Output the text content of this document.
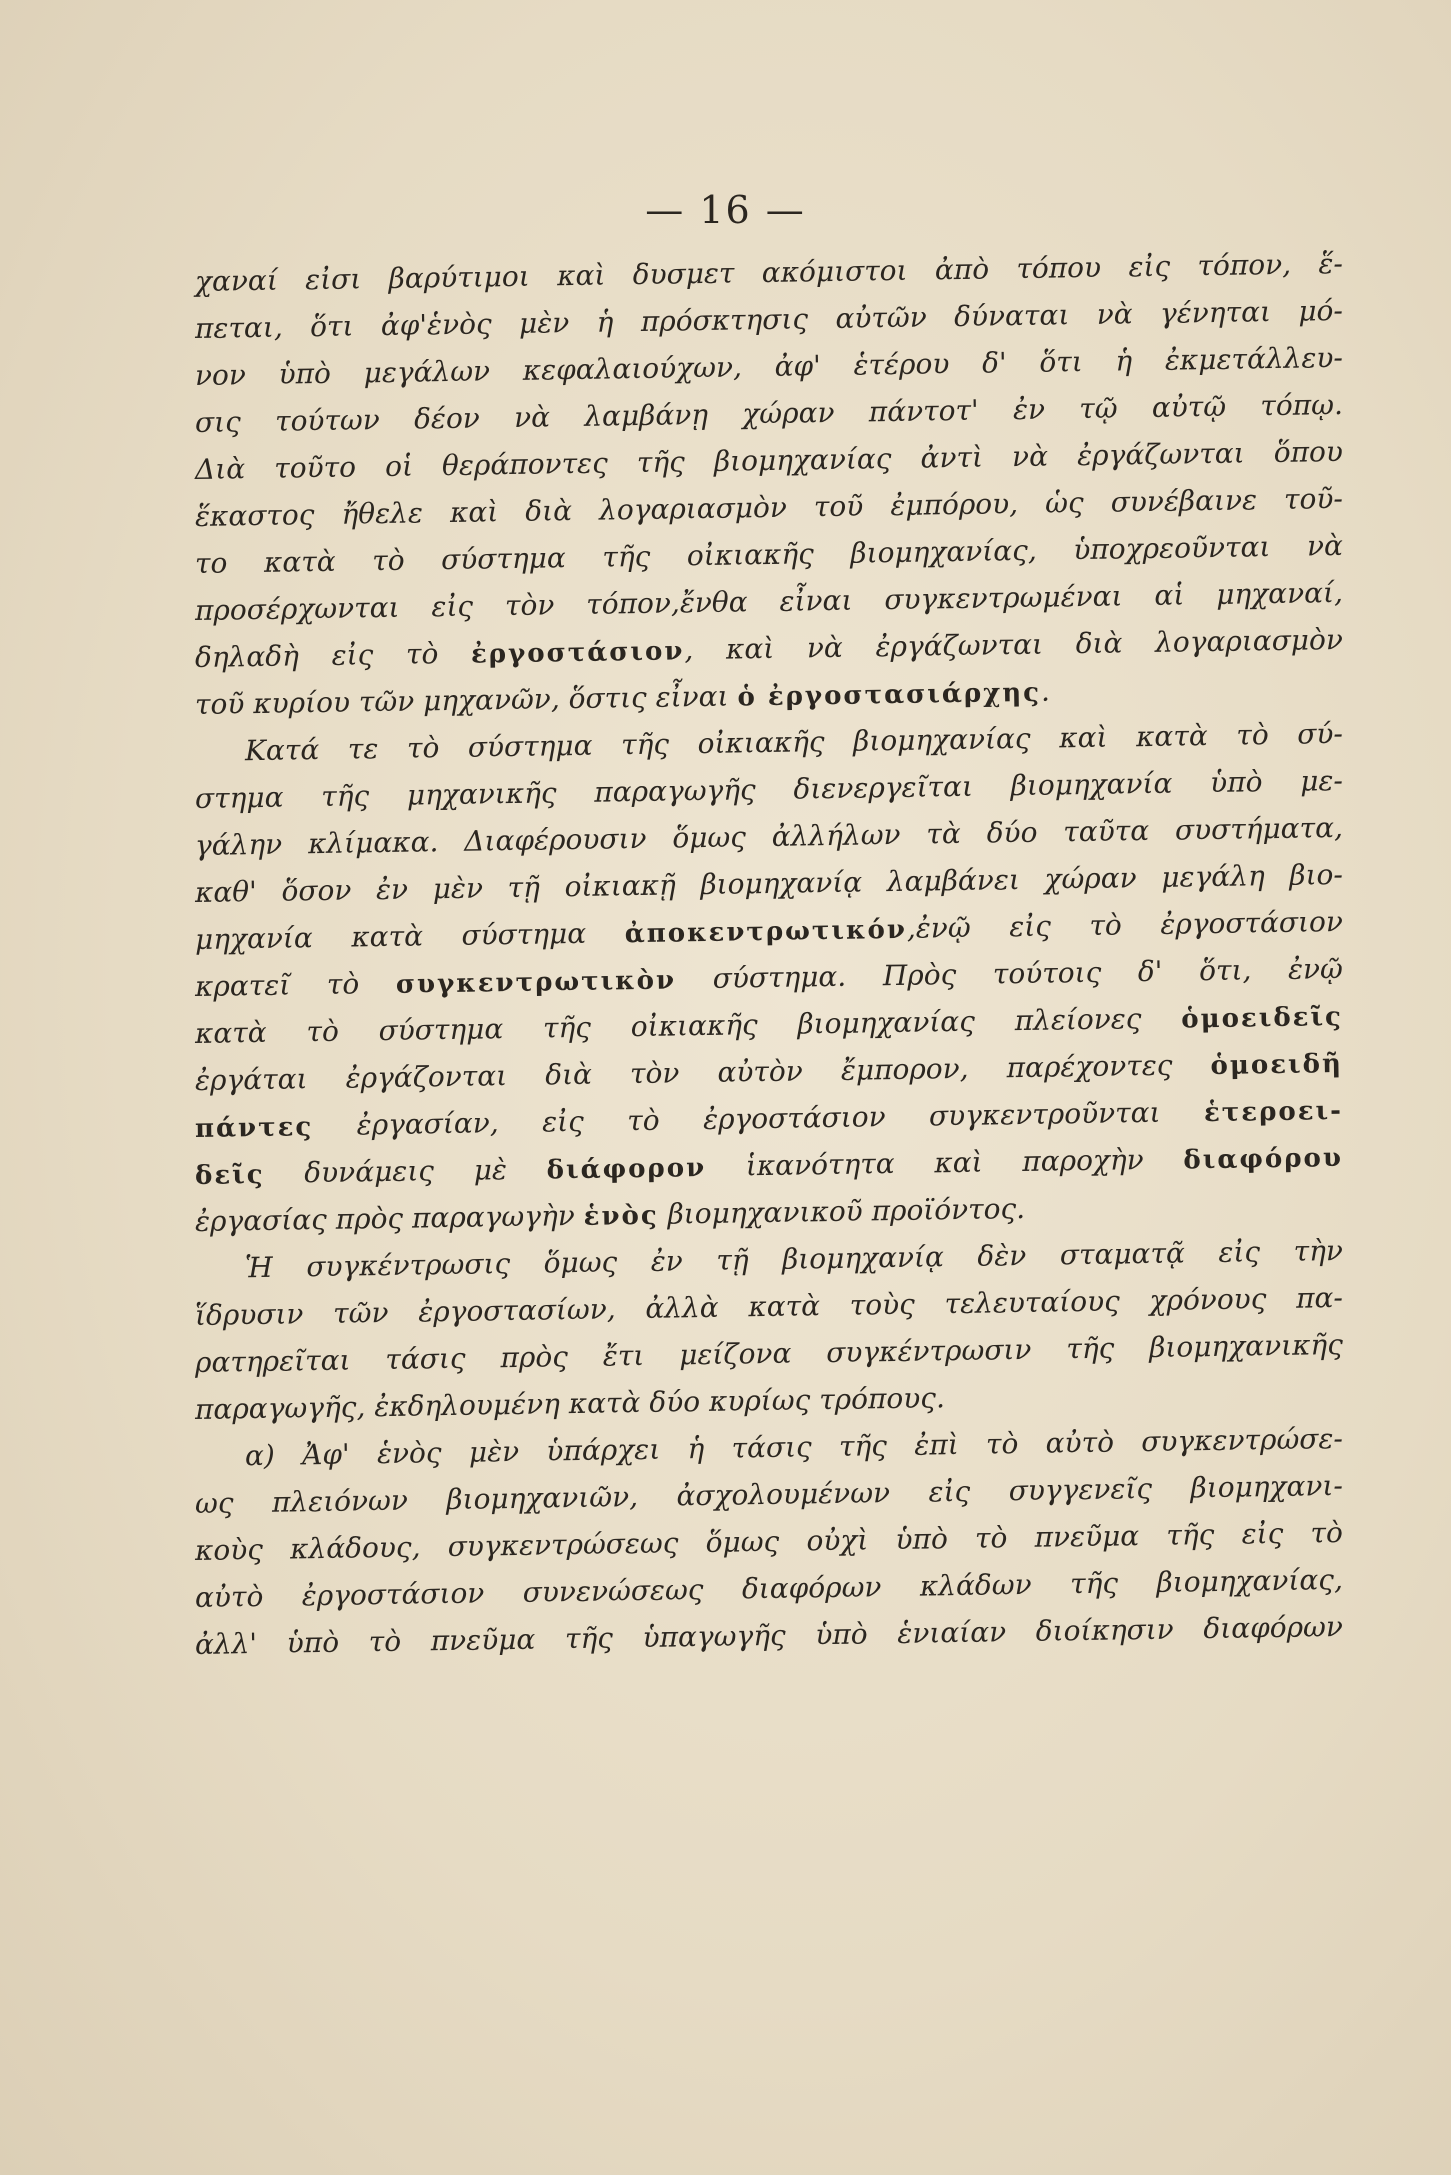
— 16 —
χαναί εἰσι βαρύτιμοι καὶ δυσμετ ακόμιστοι ἀπὸ τόπου εἰς τόπον, ἕ-
πεται, ὅτι ἀφ'ἑνὸς μὲν ἡ πρόσκτησις αὐτῶν δύναται νὰ γένηται μό-
νον ὑπὸ μεγάλων κεφαλαιούχων, ἀφ' ἑτέρου δ' ὅτι ἡ ἐκμετάλλευ-
σις τούτων δέον νὰ λαμβάνῃ χώραν πάντοτ' ἐν τῷ αὐτῷ τόπῳ.
Διὰ τοῦτο οἱ θεράποντες τῆς βιομηχανίας ἀντὶ νὰ ἐργάζωνται ὅπου
ἕκαστος ἤθελε καὶ διὰ λογαριασμὸν τοῦ ἐμπόρου, ὡς συνέβαινε τοῦ-
το κατὰ τὸ σύστημα τῆς οἰκιακῆς βιομηχανίας, ὑποχρεοῦνται νὰ
προσέρχωνται εἰς τὸν τόπον,ἔνθα εἶναι συγκεντρωμέναι αἱ μηχαναί,
δηλαδὴ εἰς τὸ ἐργοστάσιον, καὶ νὰ ἐργάζωνται διὰ λογαριασμὸν
τοῦ κυρίου τῶν μηχανῶν, ὅστις εἶναι ὁ ἐργοστασιάρχης.
Κατά τε τὸ σύστημα τῆς οἰκιακῆς βιομηχανίας καὶ κατὰ τὸ σύ-
στημα τῆς μηχανικῆς παραγωγῆς διενεργεῖται βιομηχανία ὑπὸ με-
γάλην κλίμακα. Διαφέρουσιν ὅμως ἀλλήλων τὰ δύο ταῦτα συστήματα,
καθ' ὅσον ἐν μὲν τῇ οἰκιακῇ βιομηχανίᾳ λαμβάνει χώραν μεγάλη βιο-
μηχανία κατὰ σύστημα ἀποκεντρωτικόν,ἐνῷ εἰς τὸ ἐργοστάσιον
κρατεῖ τὸ συγκεντρωτικὸν σύστημα. Πρὸς τούτοις δ' ὅτι, ἐνῷ
κατὰ τὸ σύστημα τῆς οἰκιακῆς βιομηχανίας πλείονες ὁμοειδεῖς
ἐργάται ἐργάζονται διὰ τὸν αὐτὸν ἔμπορον, παρέχοντες ὁμοειδῆ
πάντες ἐργασίαν, εἰς τὸ ἐργοστάσιον συγκεντροῦνται ἑτεροει-
δεῖς δυνάμεις μὲ διάφορον ἱκανότητα καὶ παροχὴν διαφόρου
ἐργασίας πρὸς παραγωγὴν ἑνὸς βιομηχανικοῦ προϊόντος.
Ἡ συγκέντρωσις ὅμως ἐν τῇ βιομηχανίᾳ δὲν σταματᾷ εἰς τὴν
ἵδρυσιν τῶν ἐργοστασίων, ἀλλὰ κατὰ τοὺς τελευταίους χρόνους πα-
ρατηρεῖται τάσις πρὸς ἔτι μείζονα συγκέντρωσιν τῆς βιομηχανικῆς
παραγωγῆς, ἐκδηλουμένη κατὰ δύο κυρίως τρόπους.
α) Ἀφ' ἑνὸς μὲν ὑπάρχει ἡ τάσις τῆς ἐπὶ τὸ αὐτὸ συγκεντρώσε-
ως πλειόνων βιομηχανιῶν, ἀσχολουμένων εἰς συγγενεῖς βιομηχανι-
κοὺς κλάδους, συγκεντρώσεως ὅμως οὐχὶ ὑπὸ τὸ πνεῦμα τῆς εἰς τὸ
αὐτὸ ἐργοστάσιον συνενώσεως διαφόρων κλάδων τῆς βιομηχανίας,
ἀλλ' ὑπὸ τὸ πνεῦμα τῆς ὑπαγωγῆς ὑπὸ ἑνιαίαν διοίκησιν διαφόρων
